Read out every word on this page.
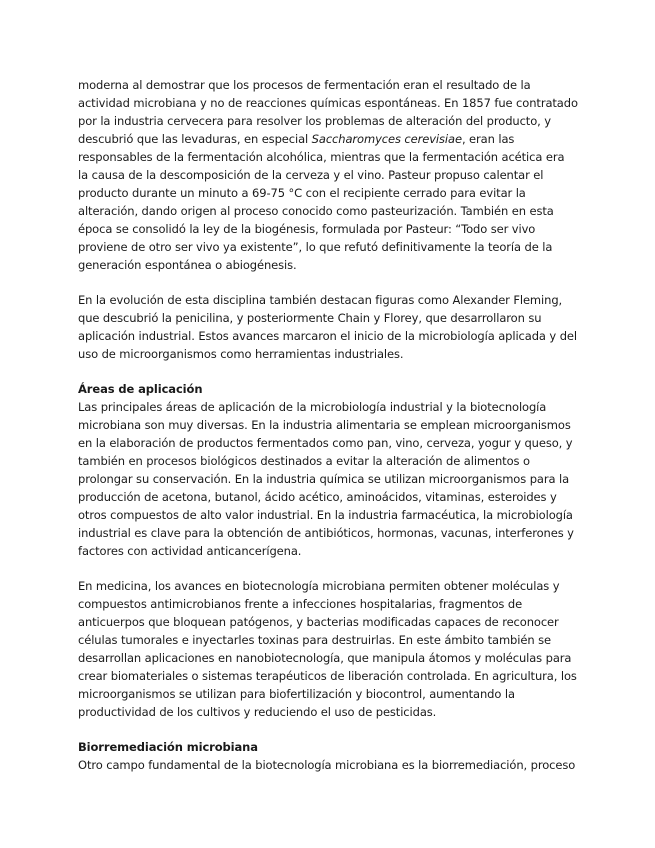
moderna al demostrar que los procesos de fermentación eran el resultado de la actividad microbiana y no de reacciones químicas espontáneas. En 1857 fue contratado por la industria cervecera para resolver los problemas de alteración del producto, y descubrió que las levaduras, en especial Saccharomyces cerevisiae, eran las responsables de la fermentación alcohólica, mientras que la fermentación acética era la causa de la descomposición de la cerveza y el vino. Pasteur propuso calentar el producto durante un minuto a 69-75 °C con el recipiente cerrado para evitar la alteración, dando origen al proceso conocido como pasteurización. También en esta época se consolidó la ley de la biogénesis, formulada por Pasteur: “Todo ser vivo proviene de otro ser vivo ya existente”, lo que refutó definitivamente la teoría de la generación espontánea o abiogénesis.

En la evolución de esta disciplina también destacan figuras como Alexander Fleming, que descubrió la penicilina, y posteriormente Chain y Florey, que desarrollaron su aplicación industrial. Estos avances marcaron el inicio de la microbiología aplicada y del uso de microorganismos como herramientas industriales.

Áreas de aplicación

Las principales áreas de aplicación de la microbiología industrial y la biotecnología microbiana son muy diversas. En la industria alimentaria se emplean microorganismos en la elaboración de productos fermentados como pan, vino, cerveza, yogur y queso, y también en procesos biológicos destinados a evitar la alteración de alimentos o prolongar su conservación. En la industria química se utilizan microorganismos para la producción de acetona, butanol, ácido acético, aminoácidos, vitaminas, esteroides y otros compuestos de alto valor industrial. En la industria farmacéutica, la microbiología industrial es clave para la obtención de antibióticos, hormonas, vacunas, interferones y factores con actividad anticancerígena.

En medicina, los avances en biotecnología microbiana permiten obtener moléculas y compuestos antimicrobianos frente a infecciones hospitalarias, fragmentos de anticuerpos que bloquean patógenos, y bacterias modificadas capaces de reconocer células tumorales e inyectarles toxinas para destruirlas. En este ámbito también se desarrollan aplicaciones en nanobiotecnología, que manipula átomos y moléculas para crear biomateriales o sistemas terapéuticos de liberación controlada. En agricultura, los microorganismos se utilizan para biofertilización y biocontrol, aumentando la productividad de los cultivos y reduciendo el uso de pesticidas.

Biorremediación microbiana

Otro campo fundamental de la biotecnología microbiana es la biorremediación, proceso
